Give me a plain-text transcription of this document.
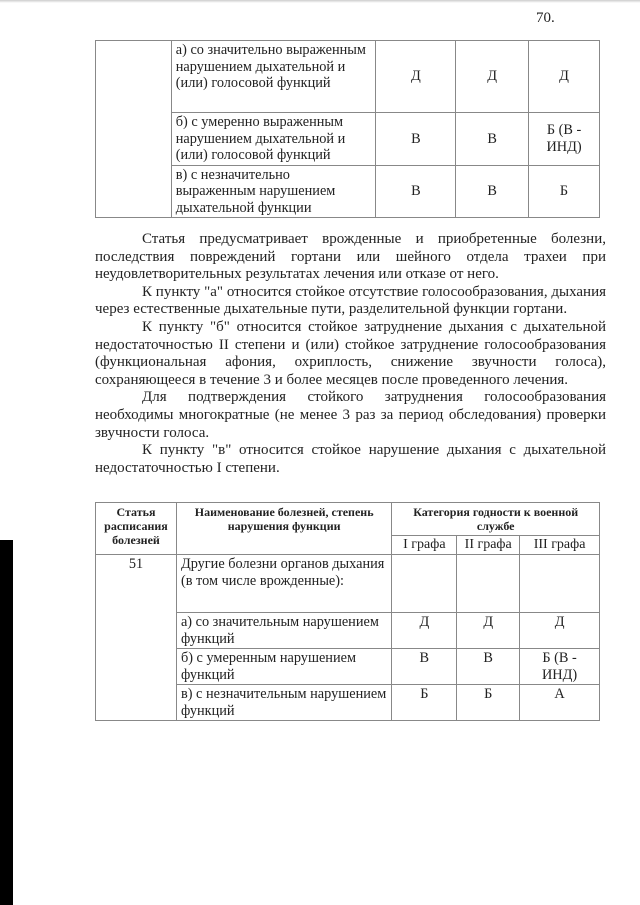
70.
	а) со значительно выраженным нарушением дыхательной и (или) голосовой функций	Д	Д	Д
	б) с умеренно выраженным нарушением дыхательной и (или) голосовой функций	В	В	Б (В - ИНД)
	в) с незначительно выраженным нарушением дыхательной функции	В	В	Б

Статья предусматривает врожденные и приобретенные болезни, последствия повреждений гортани или шейного отдела трахеи при неудовлетворительных результатах лечения или отказе от него.

К пункту "а" относится стойкое отсутствие голосообразования, дыхания через естественные дыхательные пути, разделительной функции гортани.

К пункту "б" относится стойкое затруднение дыхания с дыхательной недостаточностью II степени и (или) стойкое затруднение голосообразования (функциональная афония, охриплость, снижение звучности голоса), сохраняющееся в течение 3 и более месяцев после проведенного лечения.

Для подтверждения стойкого затруднения голосообразования необходимы многократные (не менее 3 раз за период обследования) проверки звучности голоса.

К пункту "в" относится стойкое нарушение дыхания с дыхательной недостаточностью I степени.

Статья расписания болезней	Наименование болезней, степень нарушения функции	Категория годности к военной службе		
		I графа	II графа	III графа
51	Другие болезни органов дыхания (в том числе врожденные):			
	а) со значительным нарушением функций	Д	Д	Д
	б) с умеренным нарушением функций	В	В	Б (В - ИНД)
	в) с незначительным нарушением функций	Б	Б	А
